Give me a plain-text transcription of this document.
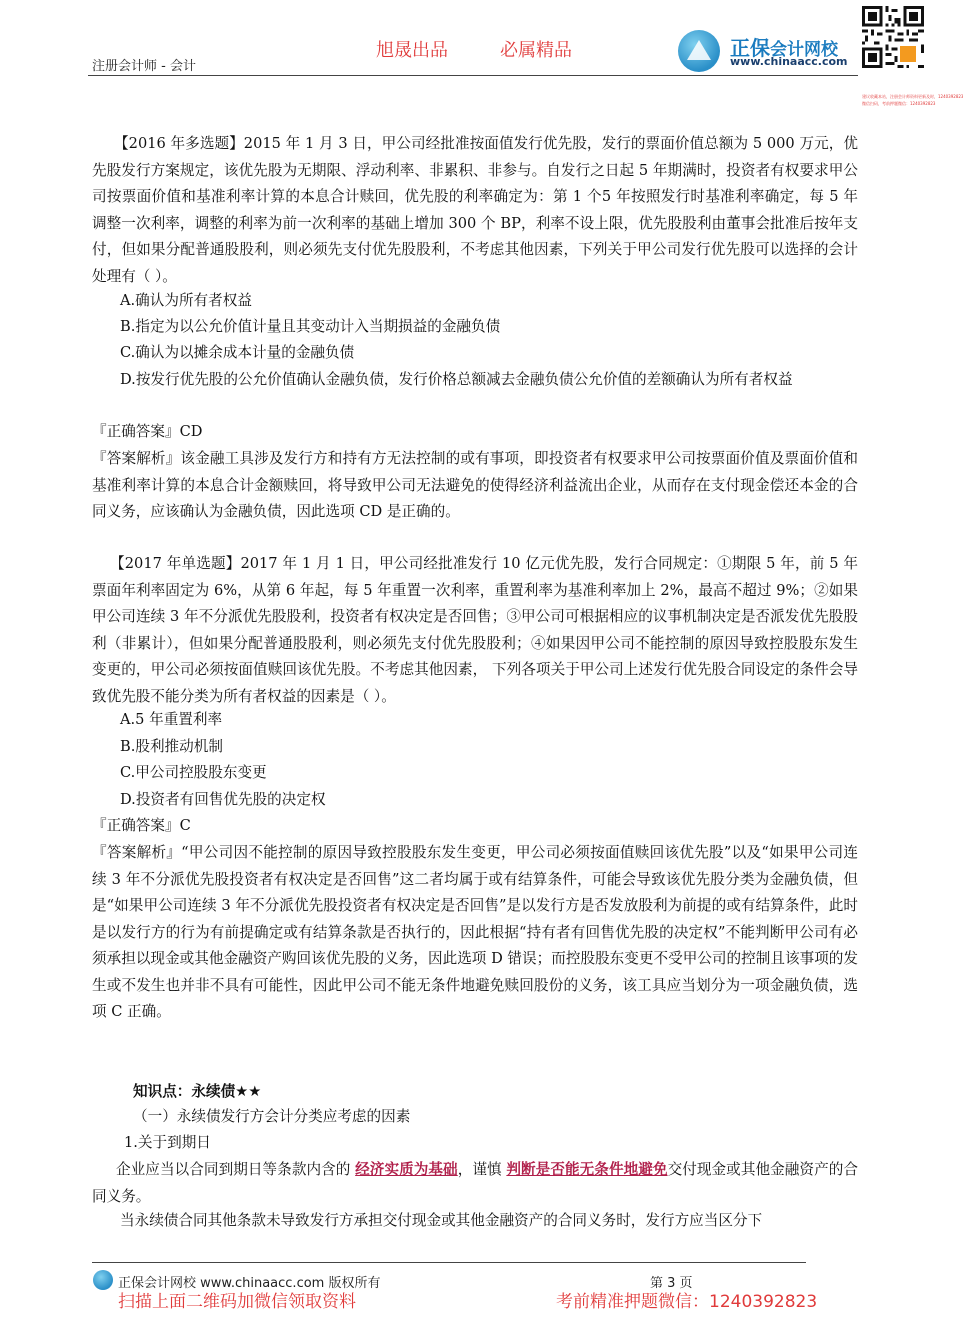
注册会计师 - 会计
旭晟出品	必属精品	正保会计网校
www.chinaacc.com
建议收藏本站，注册会计师资料更新及时，1240392823
微信扫码，考前押题微信：1240392823
【2016 年多选题】2015 年 1 月 3 日，甲公司经批准按面值发行优先股，发行的票面价值总额为 5 000 万元，优先股发行方案规定，该优先股为无期限、浮动利率、非累积、非参与。自发行之日起 5 年期满时，投资者有权要求甲公司按票面价值和基准利率计算的本息合计赎回，优先股的利率确定为：第 1 个5 年按照发行时基准利率确定，每 5 年调整一次利率，调整的利率为前一次利率的基础上增加 300 个 BP，利率不设上限，优先股股利由董事会批准后按年支付，但如果分配普通股股利，则必须先支付优先股股利，不考虑其他因素，下列关于甲公司发行优先股可以选择的会计处理有（ ）。
A.确认为所有者权益
B.指定为以公允价值计量且其变动计入当期损益的金融负债
C.确认为以摊余成本计量的金融负债
D.按发行优先股的公允价值确认金融负债，发行价格总额减去金融负债公允价值的差额确认为所有者权益
『正确答案』CD
『答案解析』该金融工具涉及发行方和持有方无法控制的或有事项，即投资者有权要求甲公司按票面价值及票面价值和基准利率计算的本息合计金额赎回，将导致甲公司无法避免的使得经济利益流出企业，从而存在支付现金偿还本金的合同义务，应该确认为金融负债，因此选项 CD 是正确的。
【2017 年单选题】2017 年 1 月 1 日，甲公司经批准发行 10 亿元优先股，发行合同规定：①期限 5 年，前 5 年票面年利率固定为 6%，从第 6 年起，每 5 年重置一次利率，重置利率为基准利率加上 2%，最高不超过 9%；②如果甲公司连续 3 年不分派优先股股利，投资者有权决定是否回售；③甲公司可根据相应的议事机制决定是否派发优先股股利（非累计），但如果分配普通股股利，则必须先支付优先股股利；④如果因甲公司不能控制的原因导致控股股东发生变更的，甲公司必须按面值赎回该优先股。不考虑其他因素， 下列各项关于甲公司上述发行优先股合同设定的条件会导致优先股不能分类为所有者权益的因素是（ ）。
A.5 年重置利率
B.股利推动机制
C.甲公司控股股东变更
D.投资者有回售优先股的决定权
『正确答案』C
『答案解析』“甲公司因不能控制的原因导致控股股东发生变更，甲公司必须按面值赎回该优先股”以及“如果甲公司连续 3 年不分派优先股投资者有权决定是否回售”这二者均属于或有结算条件，可能会导致该优先股分类为金融负债，但是“如果甲公司连续 3 年不分派优先股投资者有权决定是否回售”是以发行方是否发放股利为前提的或有结算条件，此时是以发行方的行为有前提确定或有结算条款是否执行的，因此根据“持有者有回售优先股的决定权”不能判断甲公司有必须承担以现金或其他金融资产购回该优先股的义务，因此选项 D 错误；而控股股东变更不受甲公司的控制且该事项的发生或不发生也并非不具有可能性，因此甲公司不能无条件地避免赎回股份的义务，该工具应当划分为一项金融负债，选项 C 正确。
知识点：永续债★★
（一）永续债发行方会计分类应考虑的因素
1.关于到期日
企业应当以合同到期日等条款内含的 经济实质为基础，谨慎 判断是否能无条件地避免交付现金或其他金融资产的合同义务。
当永续债合同其他条款未导致发行方承担交付现金或其他金融资产的合同义务时，发行方应当区分下
正保会计网校 www.chinaacc.com 版权所有	第 3 页
扫描上面二维码加微信领取资料	考前精准押题微信：1240392823
